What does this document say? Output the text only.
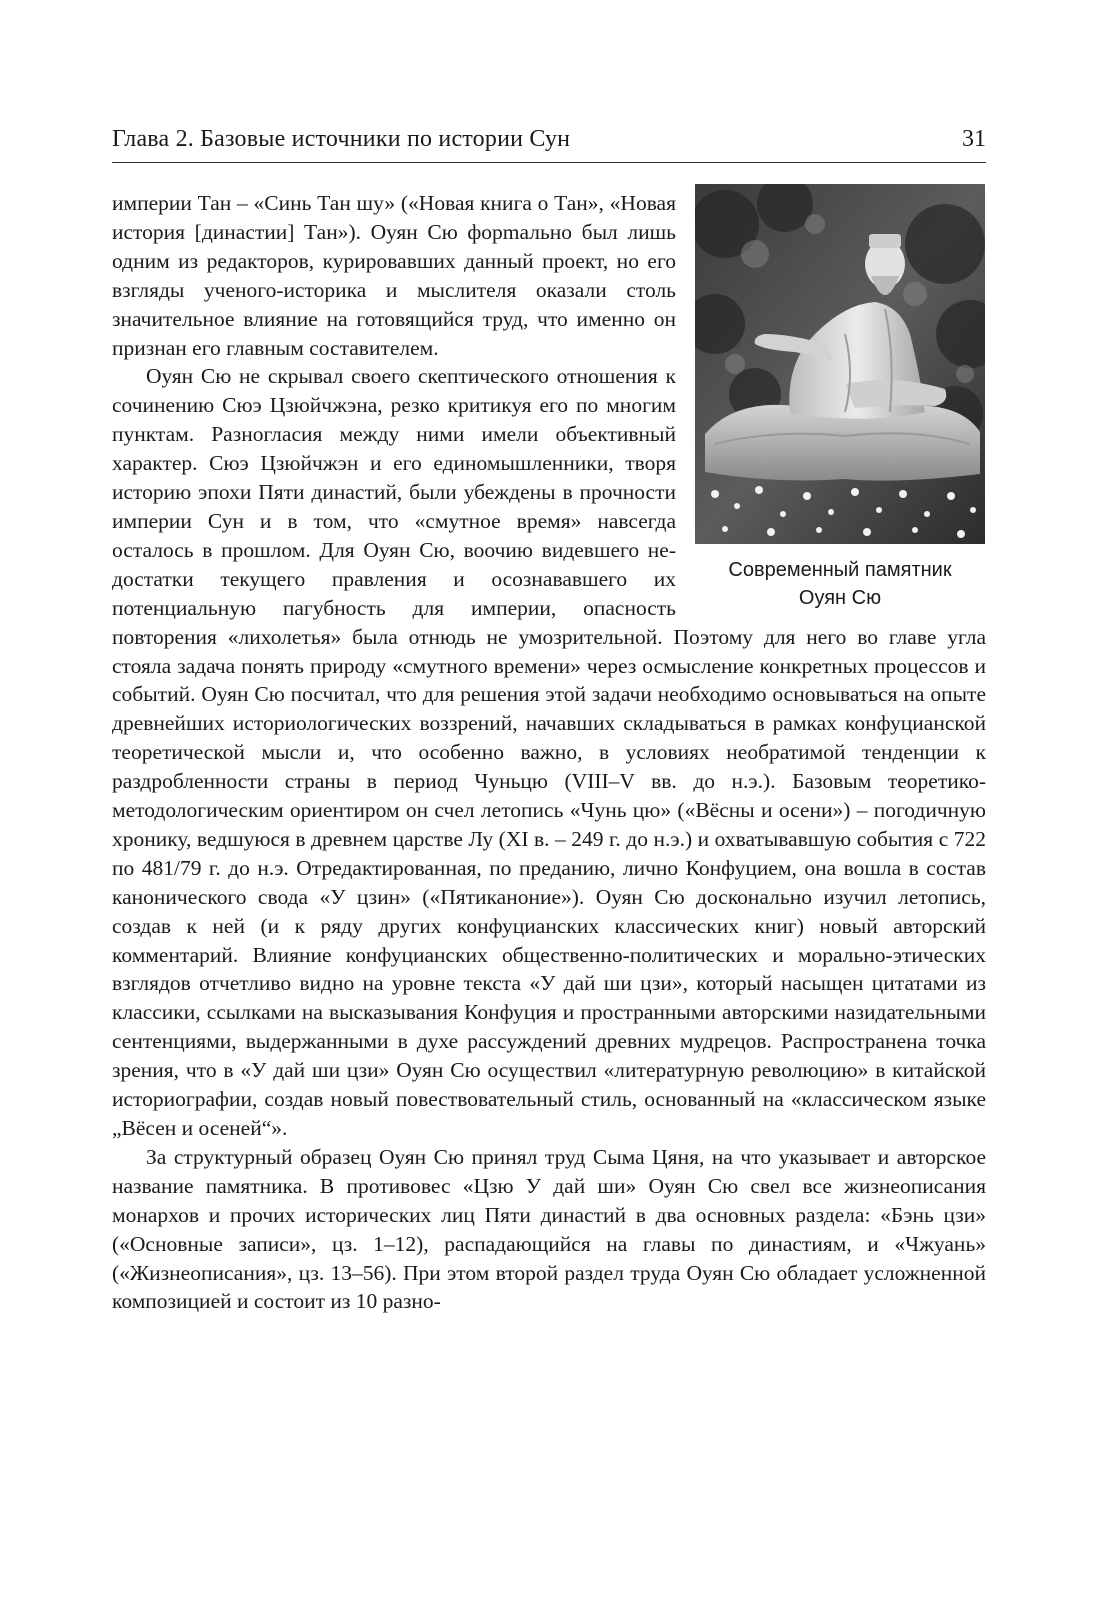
Глава 2. Базовые источники по истории Сун	31
Современный памятник
Оуян Сю

империи Тан – «Синь Тан шу» («Новая книга о Тан», «Новая история [династии] Тан»). Оуян Сю форmально был лишь одним из редакторов, курировавших данный проект, но его взгляды ученого-историка и мыслителя оказали столь значительное влияние на готовящийся труд, что именно он признан его главным составителем.

Оуян Сю не скрывал своего скептического отношения к сочинению Сюэ Цзюйчжэна, резко критикуя его по многим пунктам. Разногласия между ними имели объективный характер. Сюэ Цзюйчжэн и его единомышленники, творя историю эпохи Пяти династий, были убеждены в прочности империи Сун и в том, что «смутное время» навсегда осталось в прошлом. Для Оуян Сю, воочию видевшего недостатки текущего правления и осознававшего их потенциальную пагубность для империи, опасность повторения «лихолетья» была отнюдь не умозрительной. Поэтому для него во главе угла стояла задача понять природу «смутного времени» через осмысление конкретных процессов и событий. Оуян Сю посчитал, что для решения этой задачи необходимо основываться на опыте древнейших историологических воззрений, начавших складываться в рамках конфуцианской теоретической мысли и, что особенно важно, в условиях необратимой тенденции к раздробленности страны в период Чуньцю (VIII–V вв. до н.э.). Базовым теоретико-методологическим ориентиром он счел летопись «Чунь цю» («Вёсны и осени») – погодичную хронику, ведшуюся в древнем царстве Лу (XI в. – 249 г. до н.э.) и охватывавшую события с 722 по 481/79 г. до н.э. Отредактированная, по преданию, лично Конфуцием, она вошла в состав канонического свода «У цзин» («Пятиканоние»). Оуян Сю досконально изучил летопись, создав к ней (и к ряду других конфуцианских классических книг) новый авторский комментарий. Влияние конфуцианских общественно-политических и морально-этических взглядов отчетливо видно на уровне текста «У дай ши цзи», который насыщен цитатами из классики, ссылками на высказывания Конфуция и пространными авторскими назидательными сентенциями, выдержанными в духе рассуждений древних мудрецов. Распространена точка зрения, что в «У дай ши цзи» Оуян Сю осуществил «литературную революцию» в китайской историографии, создав новый повествовательный стиль, основанный на «классическом языке „Вёсен и осеней“».

За структурный образец Оуян Сю принял труд Сыма Цяня, на что указывает и авторское название памятника. В противовес «Цзю У дай ши» Оуян Сю свел все жизнеописания монархов и прочих исторических лиц Пяти династий в два основных раздела: «Бэнь цзи» («Основные записи», цз. 1–12), распадающийся на главы по династиям, и «Чжуань» («Жизнеописания», цз. 13–56). При этом второй раздел труда Оуян Сю обладает усложненной композицией и состоит из 10 разно-
